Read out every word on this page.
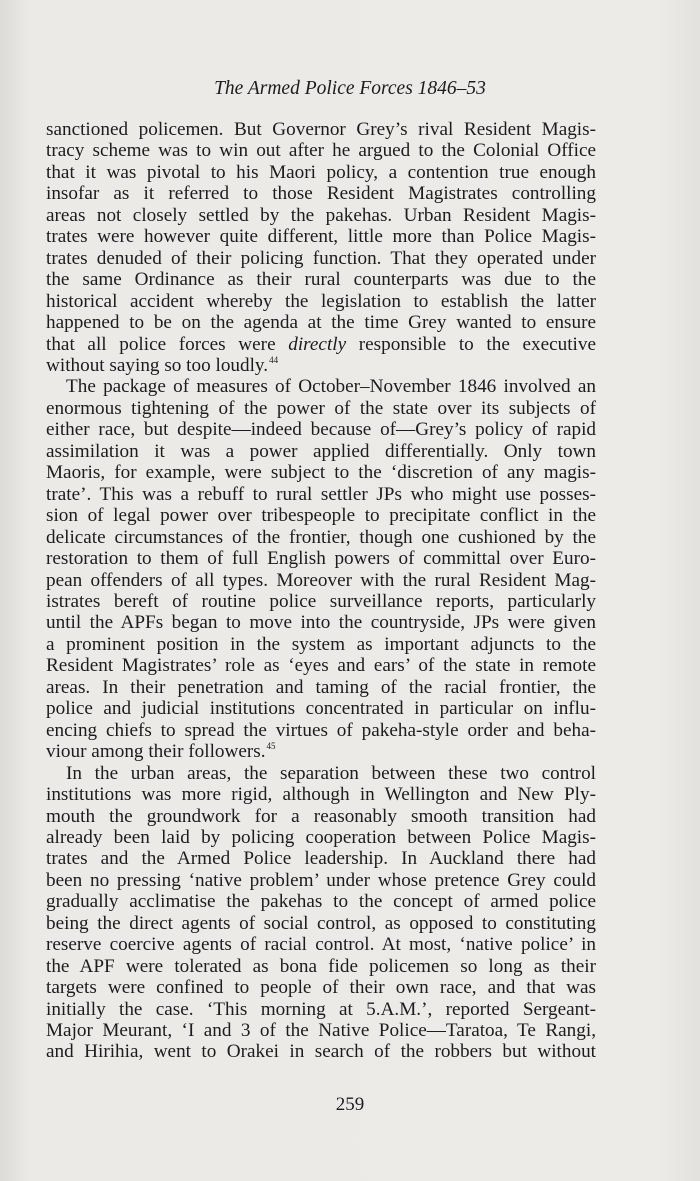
The Armed Police Forces 1846–53
sanctioned policemen. But Governor Grey’s rival Resident Magis-
tracy scheme was to win out after he argued to the Colonial Office
that it was pivotal to his Maori policy, a contention true enough
insofar as it referred to those Resident Magistrates controlling
areas not closely settled by the pakehas. Urban Resident Magis-
trates were however quite different, little more than Police Magis-
trates denuded of their policing function. That they operated under
the same Ordinance as their rural counterparts was due to the
historical accident whereby the legislation to establish the latter
happened to be on the agenda at the time Grey wanted to ensure
that all police forces were directly responsible to the executive
without saying so too loudly.$^{44}$
The package of measures of October–November 1846 involved an
enormous tightening of the power of the state over its subjects of
either race, but despite—indeed because of—Grey’s policy of rapid
assimilation it was a power applied differentially. Only town
Maoris, for example, were subject to the ‘discretion of any magis-
trate’. This was a rebuff to rural settler JPs who might use posses-
sion of legal power over tribespeople to precipitate conflict in the
delicate circumstances of the frontier, though one cushioned by the
restoration to them of full English powers of committal over Euro-
pean offenders of all types. Moreover with the rural Resident Mag-
istrates bereft of routine police surveillance reports, particularly
until the APFs began to move into the countryside, JPs were given
a prominent position in the system as important adjuncts to the
Resident Magistrates’ role as ‘eyes and ears’ of the state in remote
areas. In their penetration and taming of the racial frontier, the
police and judicial institutions concentrated in particular on influ-
encing chiefs to spread the virtues of pakeha-style order and beha-
viour among their followers.$^{45}$
In the urban areas, the separation between these two control
institutions was more rigid, although in Wellington and New Ply-
mouth the groundwork for a reasonably smooth transition had
already been laid by policing cooperation between Police Magis-
trates and the Armed Police leadership. In Auckland there had
been no pressing ‘native problem’ under whose pretence Grey could
gradually acclimatise the pakehas to the concept of armed police
being the direct agents of social control, as opposed to constituting
reserve coercive agents of racial control. At most, ‘native police’ in
the APF were tolerated as bona fide policemen so long as their
targets were confined to people of their own race, and that was
initially the case. ‘This morning at 5.A.M.’, reported Sergeant-
Major Meurant, ‘I and 3 of the Native Police—Taratoa, Te Rangi,
and Hirihia, went to Orakei in search of the robbers but without
259
